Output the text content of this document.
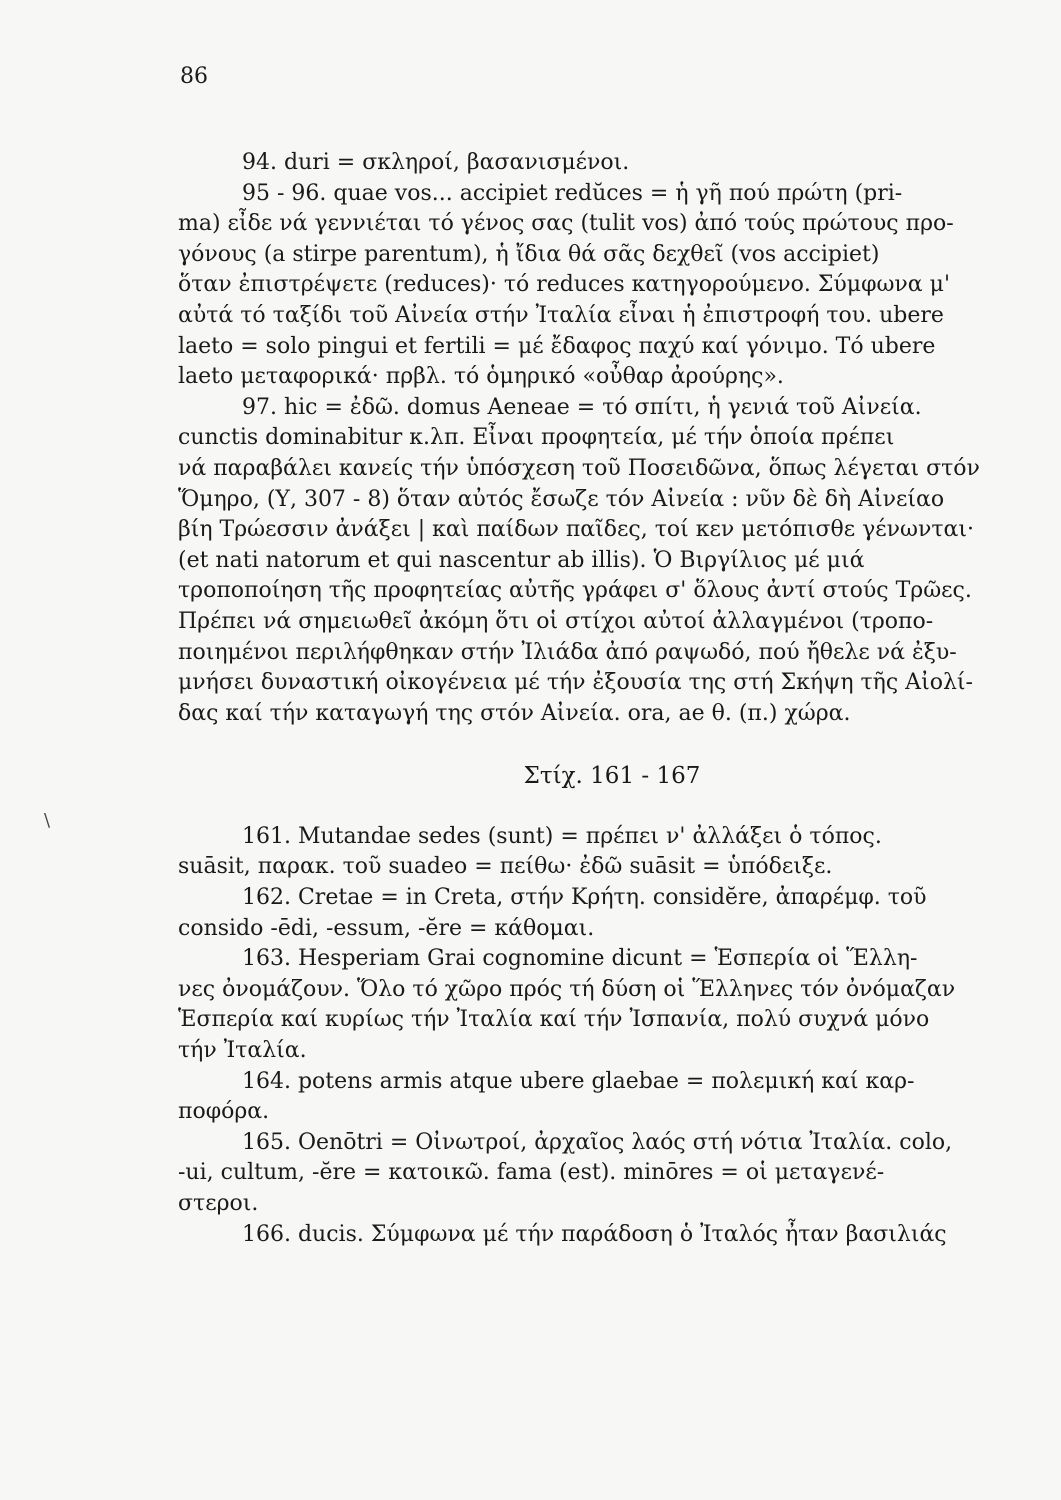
86
\
94. duri = σκληροί, βασανισμένοι.
95 - 96. quae vos... accipiet redŭces = ἡ γῆ πού πρώτη (pri-
ma) εἶδε νά γεννιέται τό γένος σας (tulit vos) ἀπό τούς πρώτους προ-
γόνους (a stirpe parentum), ἡ ἴδια θά σᾶς δεχθεῖ (vos accipiet)
ὅταν ἐπιστρέψετε (reduces)· τό reduces κατηγορούμενο. Σύμφωνα μ'
αὐτά τό ταξίδι τοῦ Αἰνεία στήν Ἰταλία εἶναι ἡ ἐπιστροφή του. ubere
laeto = solo pingui et fertili = μέ ἔδαφος παχύ καί γόνιμο. Τό ubere
laeto μεταφορικά· πρβλ. τό ὁμηρικό «οὖθαρ ἀρούρης».
97. hic = ἐδῶ. domus Aeneae = τό σπίτι, ἡ γενιά τοῦ Αἰνεία.
cunctis dominabitur κ.λπ. Εἶναι προφητεία, μέ τήν ὁποία πρέπει
νά παραβάλει κανείς τήν ὑπόσχεση τοῦ Ποσειδῶνα, ὅπως λέγεται στόν
Ὅμηρο, (Υ, 307 - 8) ὅταν αὐτός ἔσωζε τόν Αἰνεία : νῦν δὲ δὴ Αἰνείαο
βίη Τρώεσσιν ἀνάξει | καὶ παίδων παῖδες, τοί κεν μετόπισθε γένωνται·
(et nati natorum et qui nascentur ab illis). Ὁ Βιργίλιος μέ μιά
τροποποίηση τῆς προφητείας αὐτῆς γράφει σ' ὅλους ἀντί στούς Τρῶες.
Πρέπει νά σημειωθεῖ ἀκόμη ὅτι οἱ στίχοι αὐτοί ἀλλαγμένοι (τροπο-
ποιημένοι περιλήφθηκαν στήν Ἰλιάδα ἀπό ραψωδό, πού ἤθελε νά ἐξυ-
μνήσει δυναστική οἰκογένεια μέ τήν ἐξουσία της στή Σκήψη τῆς Αἰολί-
δας καί τήν καταγωγή της στόν Αἰνεία. ora, ae θ. (π.) χώρα.
Στίχ. 161 - 167
161. Mutandae sedes (sunt) = πρέπει ν' ἀλλάξει ὁ τόπος.
suāsit, παρακ. τοῦ suadeo = πείθω· ἐδῶ suāsit = ὑπόδειξε.
162. Cretae = in Creta, στήν Κρήτη. considĕre, ἀπαρέμφ. τοῦ
consido -ēdi, -essum, -ĕre = κάθομαι.
163. Hesperiam Grai cognomine dicunt = Ἑσπερία οἱ Ἕλλη-
νες ὀνομάζουν. Ὅλο τό χῶρο πρός τή δύση οἱ Ἕλληνες τόν ὀνόμαζαν
Ἑσπερία καί κυρίως τήν Ἰταλία καί τήν Ἰσπανία, πολύ συχνά μόνο
τήν Ἰταλία.
164. potens armis atque ubere glaebae = πολεμική καί καρ-
ποφόρα.
165. Oenōtri = Οἰνωτροί, ἀρχαῖος λαός στή νότια Ἰταλία. colo,
-ui, cultum, -ĕre = κατοικῶ. fama (est). minōres = οἱ μεταγενέ-
στεροι.
166. ducis. Σύμφωνα μέ τήν παράδοση ὁ Ἰταλός ἦταν βασιλιάς
